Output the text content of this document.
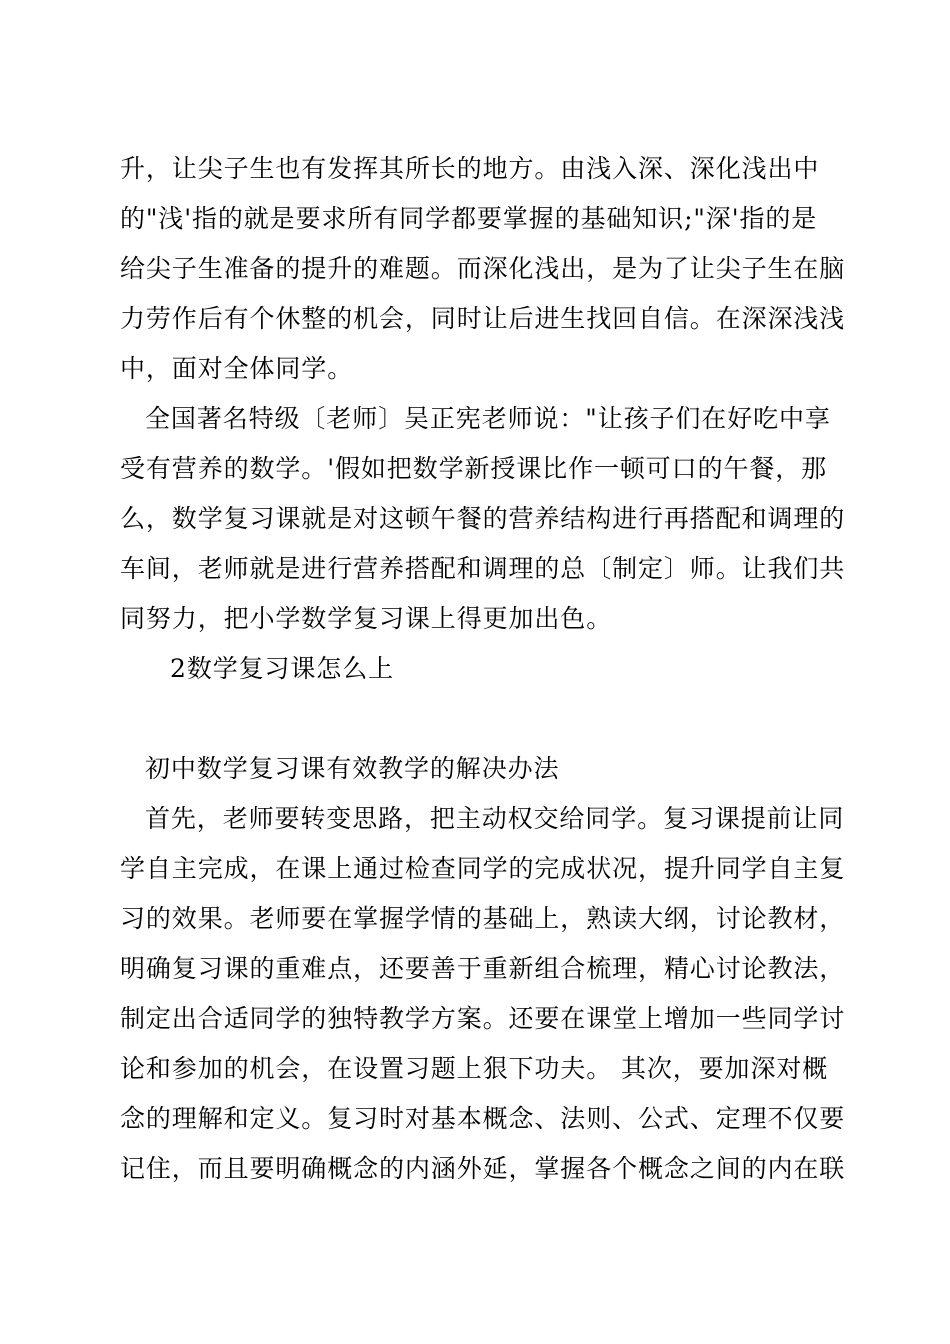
升，让尖子生也有发挥其所长的地方。由浅入深、深化浅出中
的"浅'指的就是要求所有同学都要掌握的基础知识;"深'指的是
给尖子生准备的提升的难题。而深化浅出，是为了让尖子生在脑
力劳作后有个休整的机会，同时让后进生找回自信。在深深浅浅
中，面对全体同学。
全国著名特级〔老师〕吴正宪老师说："让孩子们在好吃中享
受有营养的数学。'假如把数学新授课比作一顿可口的午餐，那
么，数学复习课就是对这顿午餐的营养结构进行再搭配和调理的
车间，老师就是进行营养搭配和调理的总〔制定〕师。让我们共
同努力，把小学数学复习课上得更加出色。
2数学复习课怎么上
初中数学复习课有效教学的解决办法
首先，老师要转变思路，把主动权交给同学。复习课提前让同
学自主完成，在课上通过检查同学的完成状况，提升同学自主复
习的效果。老师要在掌握学情的基础上，熟读大纲，讨论教材，
明确复习课的重难点，还要善于重新组合梳理，精心讨论教法，
制定出合适同学的独特教学方案。还要在课堂上增加一些同学讨
论和参加的机会，在设置习题上狠下功夫。 其次，要加深对概
念的理解和定义。复习时对基本概念、法则、公式、定理不仅要
记住，而且要明确概念的内涵外延，掌握各个概念之间的内在联
